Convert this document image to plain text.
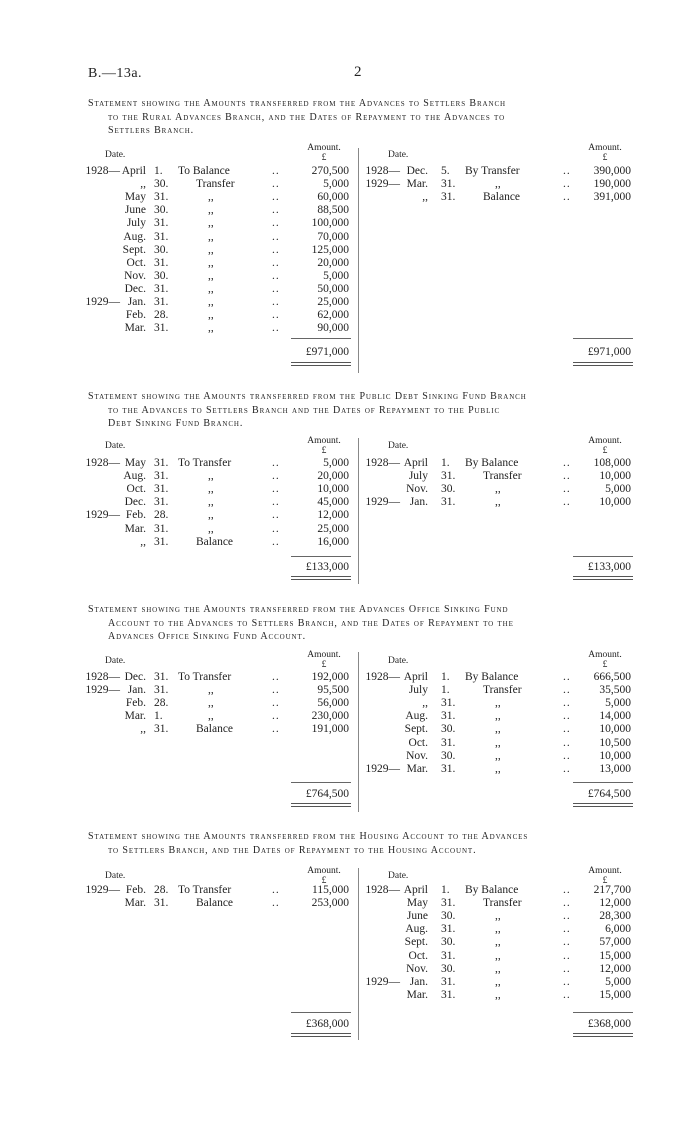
B.—13a.	2
Statement showing the Amounts transferred from the Advances to Settlers Branch
to the Rural Advances Branch, and the Dates of Repayment to the Advances to
Settlers Branch.
Date.
Amount.
£
1928— April 1. To Balance	..	270,500
,, 30. Transfer	..	5,000
May 31.	,,	..	60,000
June 30.	,,	..	88,500
July 31.	,,	..	100,000
Aug. 31.	,,	..	70,000
Sept. 30.	,,	..	125,000
Oct. 31.	,,	..	20,000
Nov. 30.	,,	..	5,000
Dec. 31.	,,	..	50,000
1929— Jan. 31.	,,	..	25,000
Feb. 28.	,,	..	62,000
Mar. 31.	,,	..	90,000
£971,000
Date.
Amount.
£
1928— Dec. 5. By Transfer	.. 390,000
1929— Mar. 31.	,,	.. 190,000
,, 31. Balance	.. 391,000
£971,000
Statement showing the Amounts transferred from the Public Debt Sinking Fund Branch
to the Advances to Settlers Branch and the Dates of Repayment to the Public
Debt Sinking Fund Branch.
Date.	Amount.
£
1928— May 31. To Transfer	..	5,000
Aug. 31.	,,	..	20,000
Oct. 31.	,,	..	10,000
Dec. 31.	,,	..	45,000
1929— Feb. 28.	,,	..	12,000
Mar. 31.	,,	..	25,000
,, 31. Balance	..	16,000
£133,000
Date.	Amount.
£
1928— April 1. By Balance	.. 108,000
July 31. Transfer	.. 10,000
Nov. 30.	,,	..	5,000
1929— Jan. 31.	,,	.. 10,000
£133,000
Statement showing the Amounts transferred from the Advances Office Sinking Fund
Account to the Advances to Settlers Branch, and the Dates of Repayment to the
Advances Office Sinking Fund Account.
Date.
Amount.
£
1928— Dec. 31. To Transfer	..	192,000
1929— Jan. 31.	,,	..	95,500
Feb. 28.	,,	..	56,000
Mar. 1.	,,	..	230,000
,, 31. Balance	..	191,000
£764,500
Date.
Amount.
£
1928— April 1. By Balance	.. 666,500
July 1.	Transfer	.. 35,500
,, 31.	,,	..	5,000
Aug. 31.	,,	.. 14,000
Sept. 30.	,,	.. 10,000
Oct. 31.	,,	.. 10,500
Nov. 30.	,,	.. 10,000
1929— Mar. 31.	,,	.. 13,000
£764,500
Statement showing the Amounts transferred from the Housing Account to the Advances
to Settlers Branch, and the Dates of Repayment to the Housing Account.
Date.	Amount.
£
1929— Feb. 28. To Transfer	..	115,000
Mar. 31. Balance	..	253,000
£368,000
Date.	Amount.
£
1928— April 1. By Balance	.. 217,700
May 31. Transfer	.. 12,000
June 30.	,,	.. 28,300
Aug. 31.	,,	..	6,000
Sept. 30.	,,	.. 57,000
Oct. 31.	,,	.. 15,000
Nov. 30.	,,	.. 12,000
1929— Jan. 31.	,,	..	5,000
Mar. 31.	,,	.. 15,000
£368,000
